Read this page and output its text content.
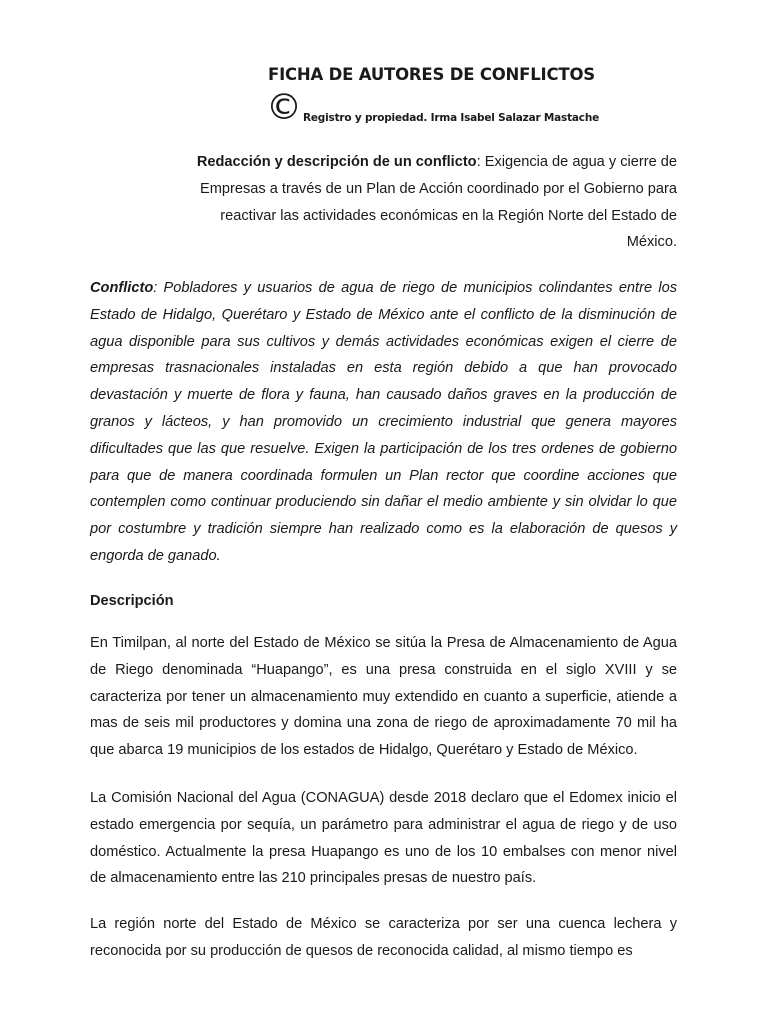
FICHA DE AUTORES DE CONFLICTOS
© Registro y propiedad. Irma Isabel Salazar Mastache

Redacción y descripción de un conflicto: Exigencia de agua y cierre de Empresas a través de un Plan de Acción coordinado por el Gobierno para reactivar las actividades económicas en la Región Norte del Estado de México.

Conflicto: Pobladores y usuarios de agua de riego de municipios colindantes entre los Estado de Hidalgo, Querétaro y Estado de México ante el conflicto de la disminución de agua disponible para sus cultivos y demás actividades económicas exigen el cierre de empresas trasnacionales instaladas en esta región debido a que han provocado devastación y muerte de flora y fauna, han causado daños graves en la producción de granos y lácteos, y han promovido un crecimiento industrial que genera mayores dificultades que las que resuelve. Exigen la participación de los tres ordenes de gobierno para que de manera coordinada formulen un Plan rector que coordine acciones que contemplen como continuar produciendo sin dañar el medio ambiente y sin olvidar lo que por costumbre y tradición siempre han realizado como es la elaboración de quesos y engorda de ganado.

Descripción

En Timilpan, al norte del Estado de México se sitúa la Presa de Almacenamiento de Agua de Riego denominada “Huapango”, es una presa construida en el siglo XVIII y se caracteriza por tener un almacenamiento muy extendido en cuanto a superficie, atiende a mas de seis mil productores y domina una zona de riego de aproximadamente 70 mil ha que abarca 19 municipios de los estados de Hidalgo, Querétaro y Estado de México.

La Comisión Nacional del Agua (CONAGUA) desde 2018 declaro que el Edomex inicio el estado emergencia por sequía, un parámetro para administrar el agua de riego y de uso doméstico. Actualmente la presa Huapango es uno de los 10 embalses con menor nivel de almacenamiento entre las 210 principales presas de nuestro país.

La región norte del Estado de México se caracteriza por ser una cuenca lechera y reconocida por su producción de quesos de reconocida calidad, al mismo tiempo es
